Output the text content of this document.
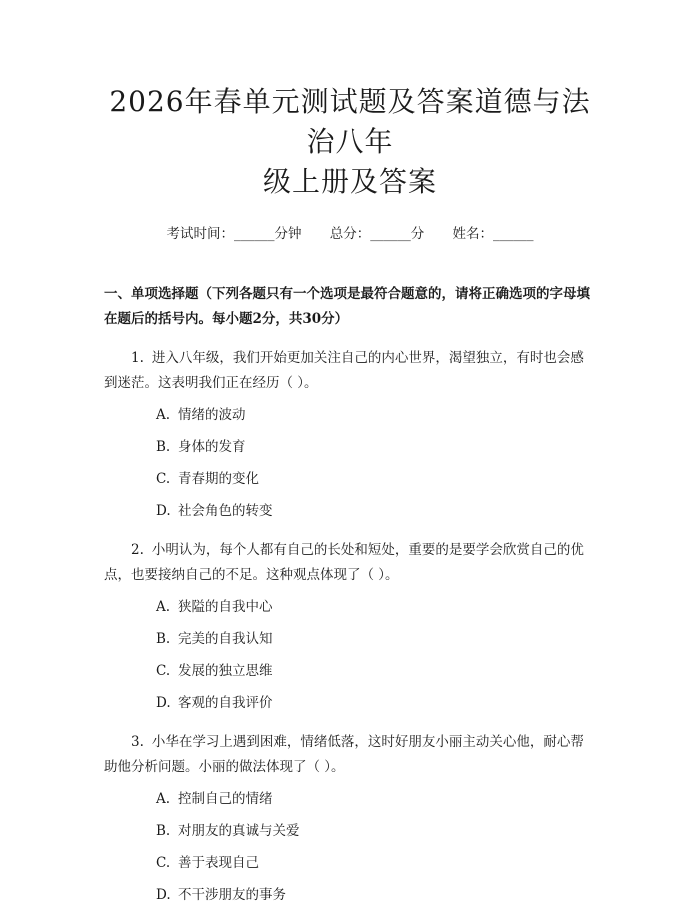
2026年春单元测试题及答案道德与法治八年
级上册及答案
考试时间：______分钟 总分：______分 姓名：______
一、单项选择题（下列各题只有一个选项是最符合题意的，请将正确选项的字母填在题后的括号内。每小题2分，共30分）
1. 进入八年级，我们开始更加关注自己的内心世界，渴望独立，有时也会感到迷茫。这表明我们正在经历（ ）。
A. 情绪的波动
B. 身体的发育
C. 青春期的变化
D. 社会角色的转变
2. 小明认为，每个人都有自己的长处和短处，重要的是要学会欣赏自己的优点，也要接纳自己的不足。这种观点体现了（ ）。
A. 狭隘的自我中心
B. 完美的自我认知
C. 发展的独立思维
D. 客观的自我评价
3. 小华在学习上遇到困难，情绪低落，这时好朋友小丽主动关心他，耐心帮助他分析问题。小丽的做法体现了（ ）。
A. 控制自己的情绪
B. 对朋友的真诚与关爱
C. 善于表现自己
D. 不干涉朋友的事务
